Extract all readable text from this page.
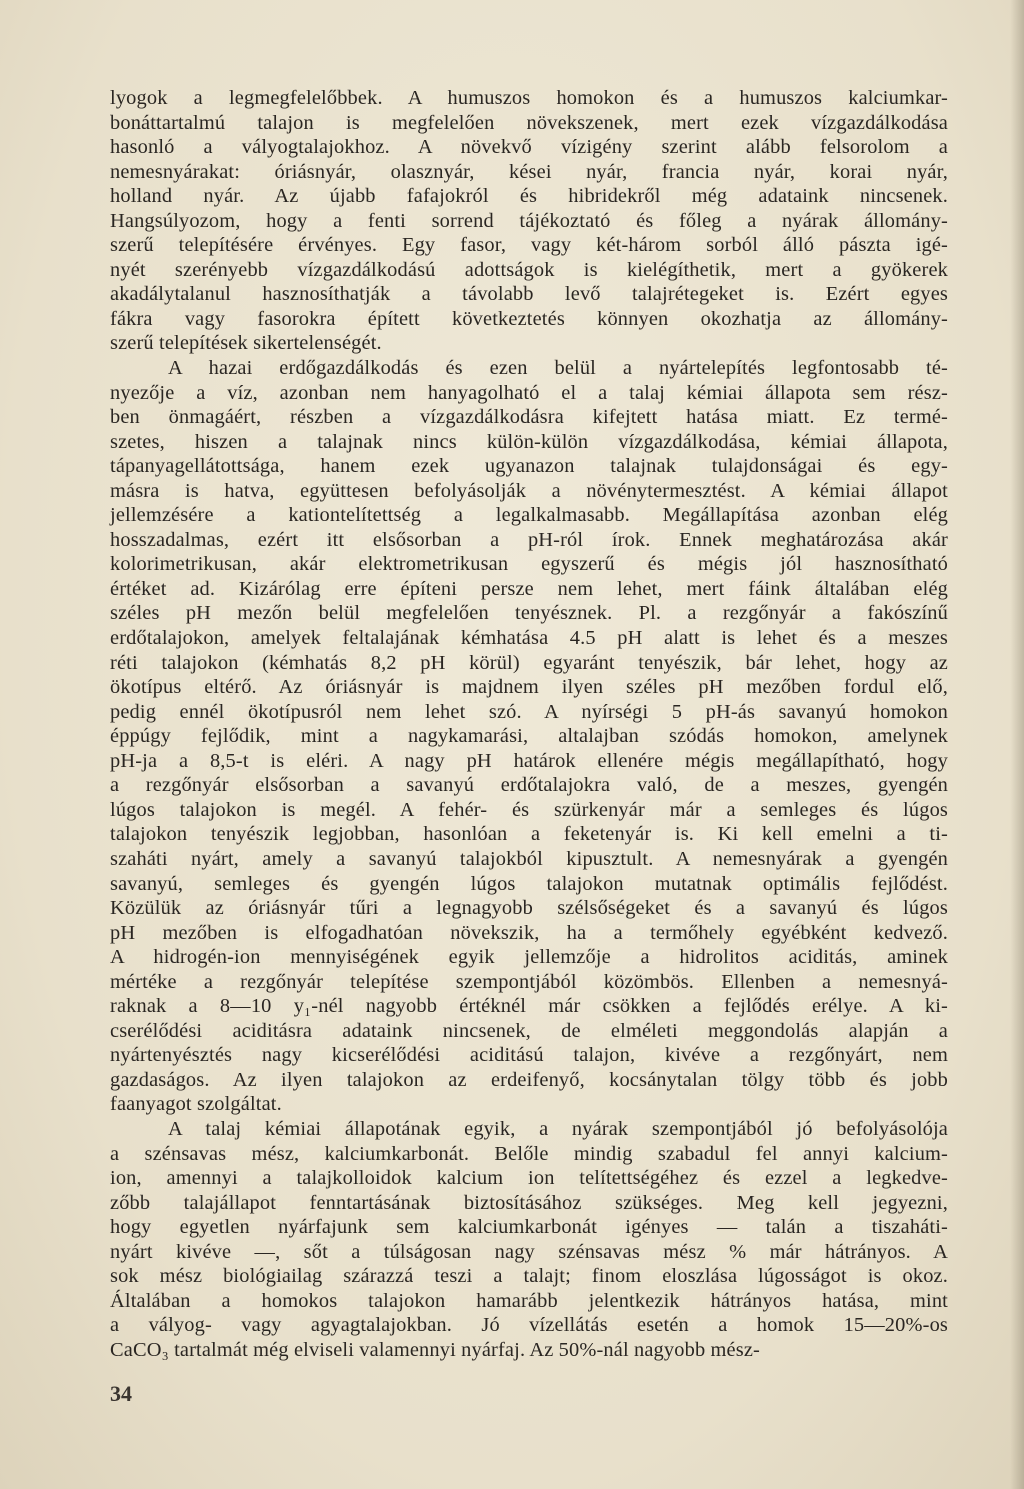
lyogok a legmegfelelőbbek. A humuszos homokon és a humuszos kalciumkar-
bonáttartalmú talajon is megfelelően növekszenek, mert ezek vízgazdálkodása
hasonló a vályogtalajokhoz. A növekvő vízigény szerint alább felsorolom a
nemesnyárakat: óriásnyár, olasznyár, kései nyár, francia nyár, korai nyár,
holland nyár. Az újabb fafajokról és hibridekről még adataink nincsenek.
Hangsúlyozom, hogy a fenti sorrend tájékoztató és főleg a nyárak állomány-
szerű telepítésére érvényes. Egy fasor, vagy két-három sorból álló pászta igé-
nyét szerényebb vízgazdálkodású adottságok is kielégíthetik, mert a gyökerek
akadálytalanul hasznosíthatják a távolabb levő talajrétegeket is. Ezért egyes
fákra vagy fasorokra épített következtetés könnyen okozhatja az állomány-
szerű telepítések sikertelenségét.
A hazai erdőgazdálkodás és ezen belül a nyártelepítés legfontosabb té-
nyezője a víz, azonban nem hanyagolható el a talaj kémiai állapota sem rész-
ben önmagáért, részben a vízgazdálkodásra kifejtett hatása miatt. Ez termé-
szetes, hiszen a talajnak nincs külön-külön vízgazdálkodása, kémiai állapota,
tápanyagellátottsága, hanem ezek ugyanazon talajnak tulajdonságai és egy-
másra is hatva, együttesen befolyásolják a növénytermesztést. A kémiai állapot
jellemzésére a kationtelítettség a legalkalmasabb. Megállapítása azonban elég
hosszadalmas, ezért itt elsősorban a pH-ról írok. Ennek meghatározása akár
kolorimetrikusan, akár elektrometrikusan egyszerű és mégis jól hasznosítható
értéket ad. Kizárólag erre építeni persze nem lehet, mert fáink általában elég
széles pH mezőn belül megfelelően tenyésznek. Pl. a rezgőnyár a fakószínű
erdőtalajokon, amelyek feltalajának kémhatása 4.5 pH alatt is lehet és a meszes
réti talajokon (kémhatás 8,2 pH körül) egyaránt tenyészik, bár lehet, hogy az
ökotípus eltérő. Az óriásnyár is majdnem ilyen széles pH mezőben fordul elő,
pedig ennél ökotípusról nem lehet szó. A nyírségi 5 pH-ás savanyú homokon
éppúgy fejlődik, mint a nagykamarási, altalajban szódás homokon, amelynek
pH-ja a 8,5-t is eléri. A nagy pH határok ellenére mégis megállapítható, hogy
a rezgőnyár elsősorban a savanyú erdőtalajokra való, de a meszes, gyengén
lúgos talajokon is megél. A fehér- és szürkenyár már a semleges és lúgos
talajokon tenyészik legjobban, hasonlóan a feketenyár is. Ki kell emelni a ti-
szaháti nyárt, amely a savanyú talajokból kipusztult. A nemesnyárak a gyengén
savanyú, semleges és gyengén lúgos talajokon mutatnak optimális fejlődést.
Közülük az óriásnyár tűri a legnagyobb szélsőségeket és a savanyú és lúgos
pH mezőben is elfogadhatóan növekszik, ha a termőhely egyébként kedvező.
A hidrogén-ion mennyiségének egyik jellemzője a hidrolitos aciditás, aminek
mértéke a rezgőnyár telepítése szempontjából közömbös. Ellenben a nemesnyá-
raknak a 8—10 y₁-nél nagyobb értéknél már csökken a fejlődés erélye. A ki-
cserélődési aciditásra adataink nincsenek, de elméleti meggondolás alapján a
nyártenyésztés nagy kicserélődési aciditású talajon, kivéve a rezgőnyárt, nem
gazdaságos. Az ilyen talajokon az erdeifenyő, kocsánytalan tölgy több és jobb
faanyagot szolgáltat.
A talaj kémiai állapotának egyik, a nyárak szempontjából jó befolyásolója
a szénsavas mész, kalciumkarbonát. Belőle mindig szabadul fel annyi kalcium-
ion, amennyi a talajkolloidok kalcium ion telítettségéhez és ezzel a legkedve-
zőbb talajállapot fenntartásának biztosításához szükséges. Meg kell jegyezni,
hogy egyetlen nyárfajunk sem kalciumkarbonát igényes — talán a tiszaháti-
nyárt kivéve —, sőt a túlságosan nagy szénsavas mész % már hátrányos. A
sok mész biológiailag szárazzá teszi a talajt; finom eloszlása lúgosságot is okoz.
Általában a homokos talajokon hamarább jelentkezik hátrányos hatása, mint
a vályog- vagy agyagtalajokban. Jó vízellátás esetén a homok 15—20%-os
CaCO₃ tartalmát még elviseli valamennyi nyárfaj. Az 50%-nál nagyobb mész-
34
